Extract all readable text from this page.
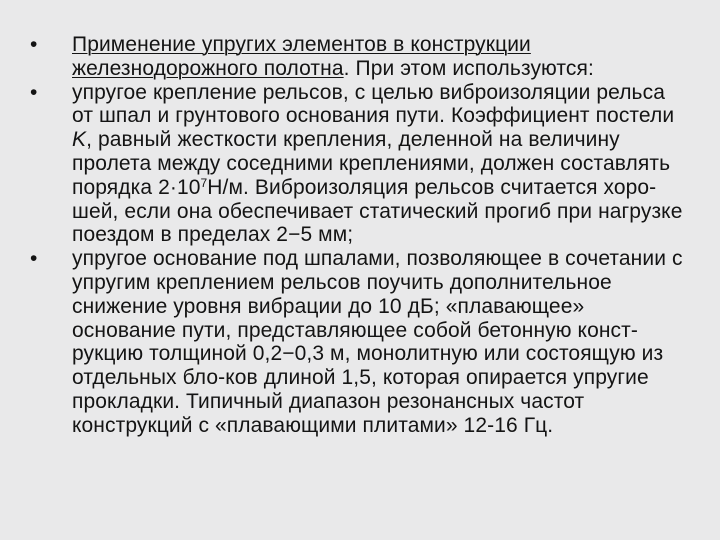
•	Применение упругих элементов в конструкции железнодорожного полотна. При этом используются:
•	упругое крепление рельсов, с целью виброизоляции рельса от шпал и грунтового основания пути. Коэффициент постели K, равный жесткости крепления, деленной на величину пролета между соседними креплениями, должен составлять порядка $2\cdot 10^7Н/м$. Виброизоляция рельсов считается хоро-шей, если она обеспечивает статический прогиб при нагрузке поездом в пределах 2−5 мм;
•	упругое основание под шпалами, позволяющее в сочетании с упругим креплением рельсов поучить дополнительное снижение уровня вибрации до 10 дБ; «плавающее» основание пути, представляющее собой бетонную конст-рукцию толщиной 0,2−0,3 м, монолитную или состоящую из отдельных бло-ков длиной 1,5, которая опирается упругие прокладки. Типичный диапазон резонансных частот конструкций с «плавающими плитами» 12-16 Гц.
